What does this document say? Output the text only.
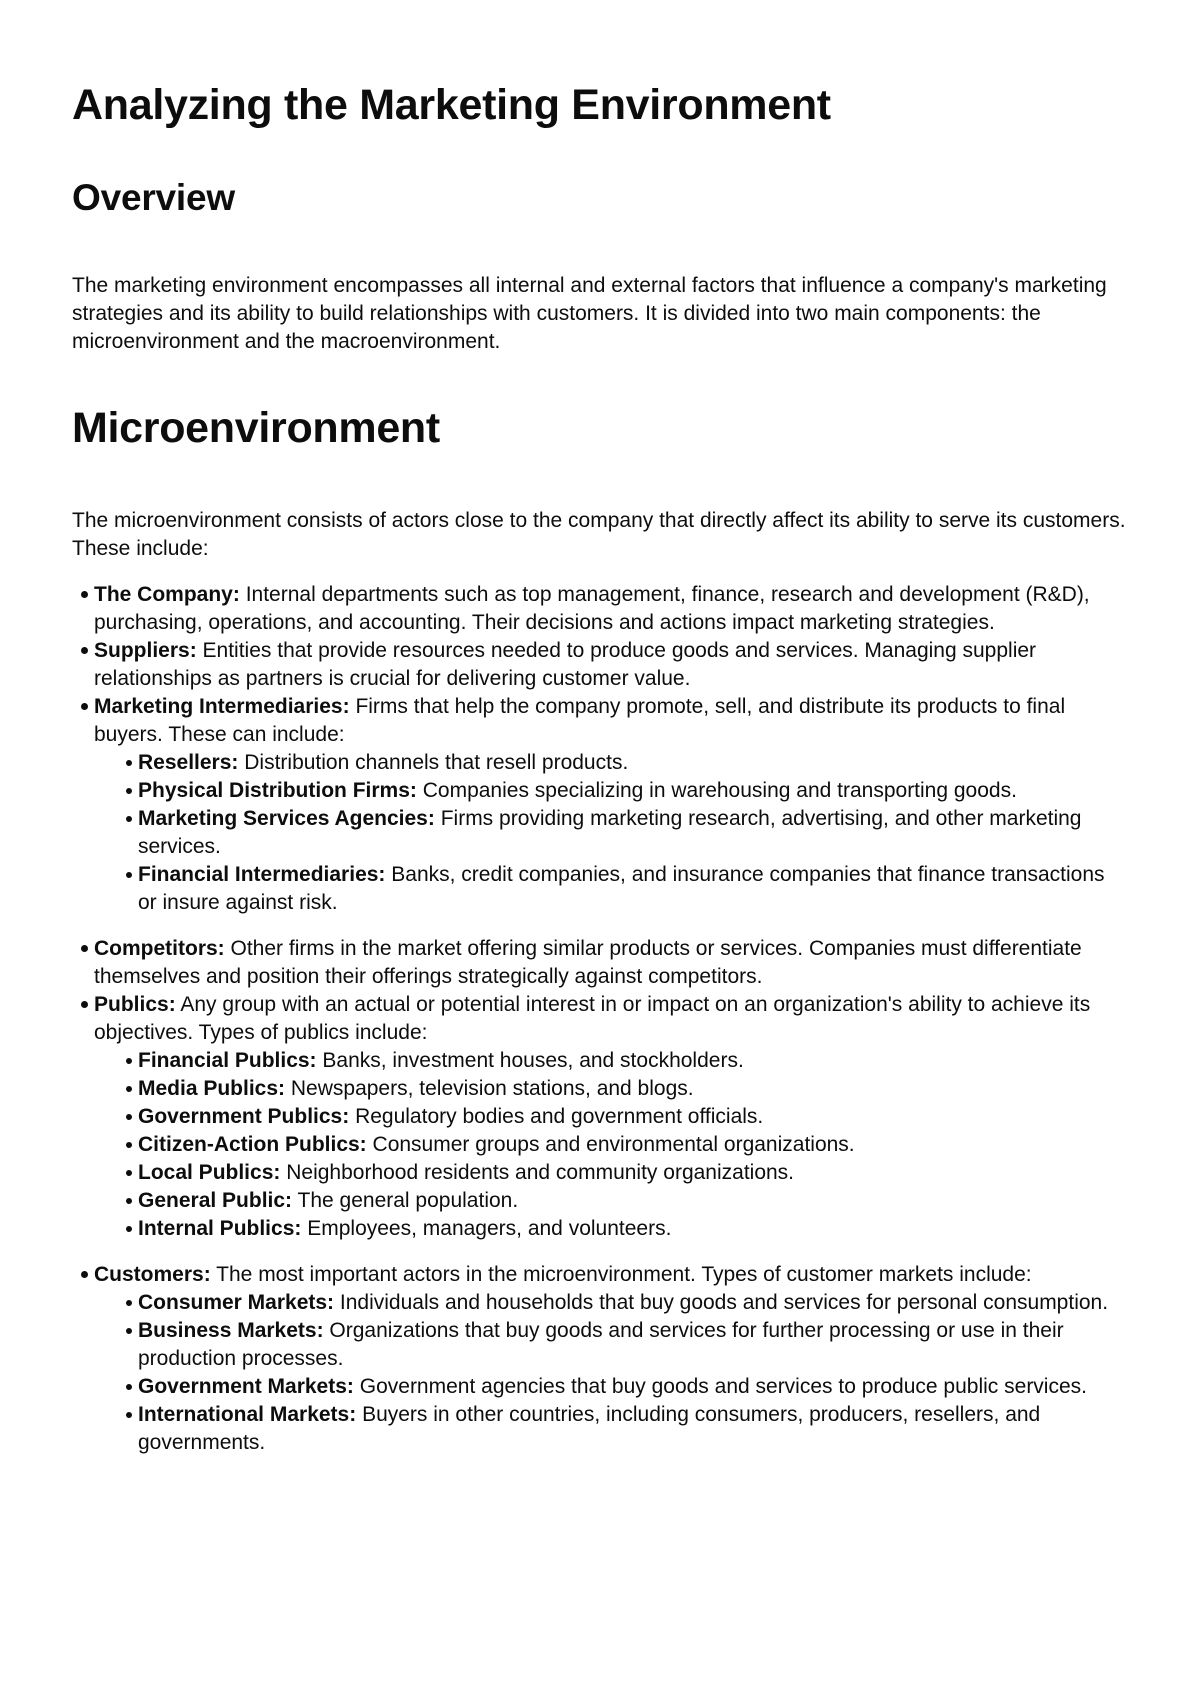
Analyzing the Marketing Environment
Overview

The marketing environment encompasses all internal and external factors that influence a company's marketing strategies and its ability to build relationships with customers. It is divided into two main components: the microenvironment and the macroenvironment.

Microenvironment

The microenvironment consists of actors close to the company that directly affect its ability to serve its customers. These include:

The Company: Internal departments such as top management, finance, research and development (R&D), purchasing, operations, and accounting. Their decisions and actions impact marketing strategies.
Suppliers: Entities that provide resources needed to produce goods and services. Managing supplier relationships as partners is crucial for delivering customer value.
Marketing Intermediaries: Firms that help the company promote, sell, and distribute its products to final buyers. These can include:
Resellers: Distribution channels that resell products.
Physical Distribution Firms: Companies specializing in warehousing and transporting goods.
Marketing Services Agencies: Firms providing marketing research, advertising, and other marketing services.
Financial Intermediaries: Banks, credit companies, and insurance companies that finance transactions or insure against risk.
Competitors: Other firms in the market offering similar products or services. Companies must differentiate themselves and position their offerings strategically against competitors.
Publics: Any group with an actual or potential interest in or impact on an organization's ability to achieve its objectives. Types of publics include:
Financial Publics: Banks, investment houses, and stockholders.
Media Publics: Newspapers, television stations, and blogs.
Government Publics: Regulatory bodies and government officials.
Citizen-Action Publics: Consumer groups and environmental organizations.
Local Publics: Neighborhood residents and community organizations.
General Public: The general population.
Internal Publics: Employees, managers, and volunteers.
Customers: The most important actors in the microenvironment. Types of customer markets include:
Consumer Markets: Individuals and households that buy goods and services for personal consumption.
Business Markets: Organizations that buy goods and services for further processing or use in their production processes.
Government Markets: Government agencies that buy goods and services to produce public services.
International Markets: Buyers in other countries, including consumers, producers, resellers, and governments.
